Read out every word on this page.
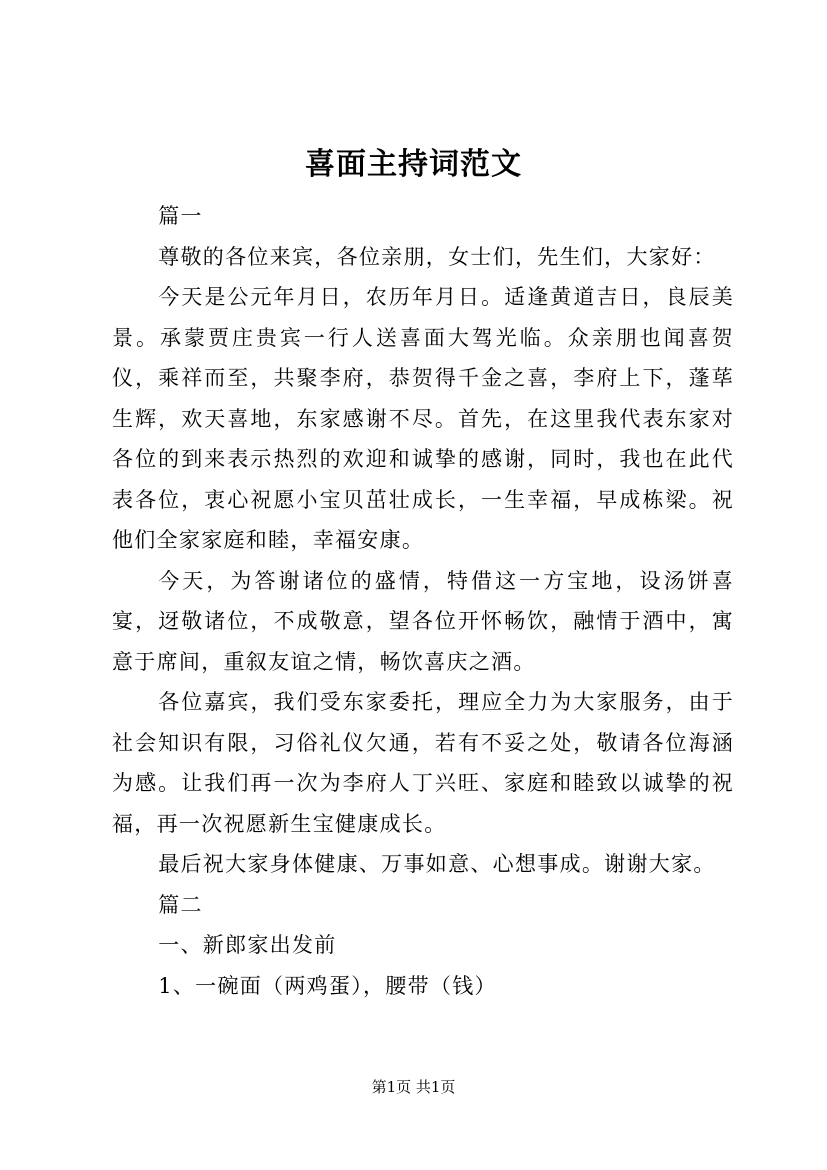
喜面主持词范文

篇一

尊敬的各位来宾，各位亲朋，女士们，先生们，大家好：

今天是公元年月日，农历年月日。适逢黄道吉日，良辰美景。承蒙贾庄贵宾一行人送喜面大驾光临。众亲朋也闻喜贺仪，乘祥而至，共聚李府，恭贺得千金之喜，李府上下，蓬荜生辉，欢天喜地，东家感谢不尽。首先，在这里我代表东家对各位的到来表示热烈的欢迎和诚挚的感谢，同时，我也在此代表各位，衷心祝愿小宝贝茁壮成长，一生幸福，早成栋梁。祝他们全家家庭和睦，幸福安康。

今天，为答谢诸位的盛情，特借这一方宝地，设汤饼喜宴，迓敬诸位，不成敬意，望各位开怀畅饮，融情于酒中，寓意于席间，重叙友谊之情，畅饮喜庆之酒。

各位嘉宾，我们受东家委托，理应全力为大家服务，由于社会知识有限，习俗礼仪欠通，若有不妥之处，敬请各位海涵为感。让我们再一次为李府人丁兴旺、家庭和睦致以诚挚的祝福，再一次祝愿新生宝健康成长。

最后祝大家身体健康、万事如意、心想事成。谢谢大家。

篇二

一、新郎家出发前

1、一碗面（两鸡蛋），腰带（钱）

第1页 共1页
